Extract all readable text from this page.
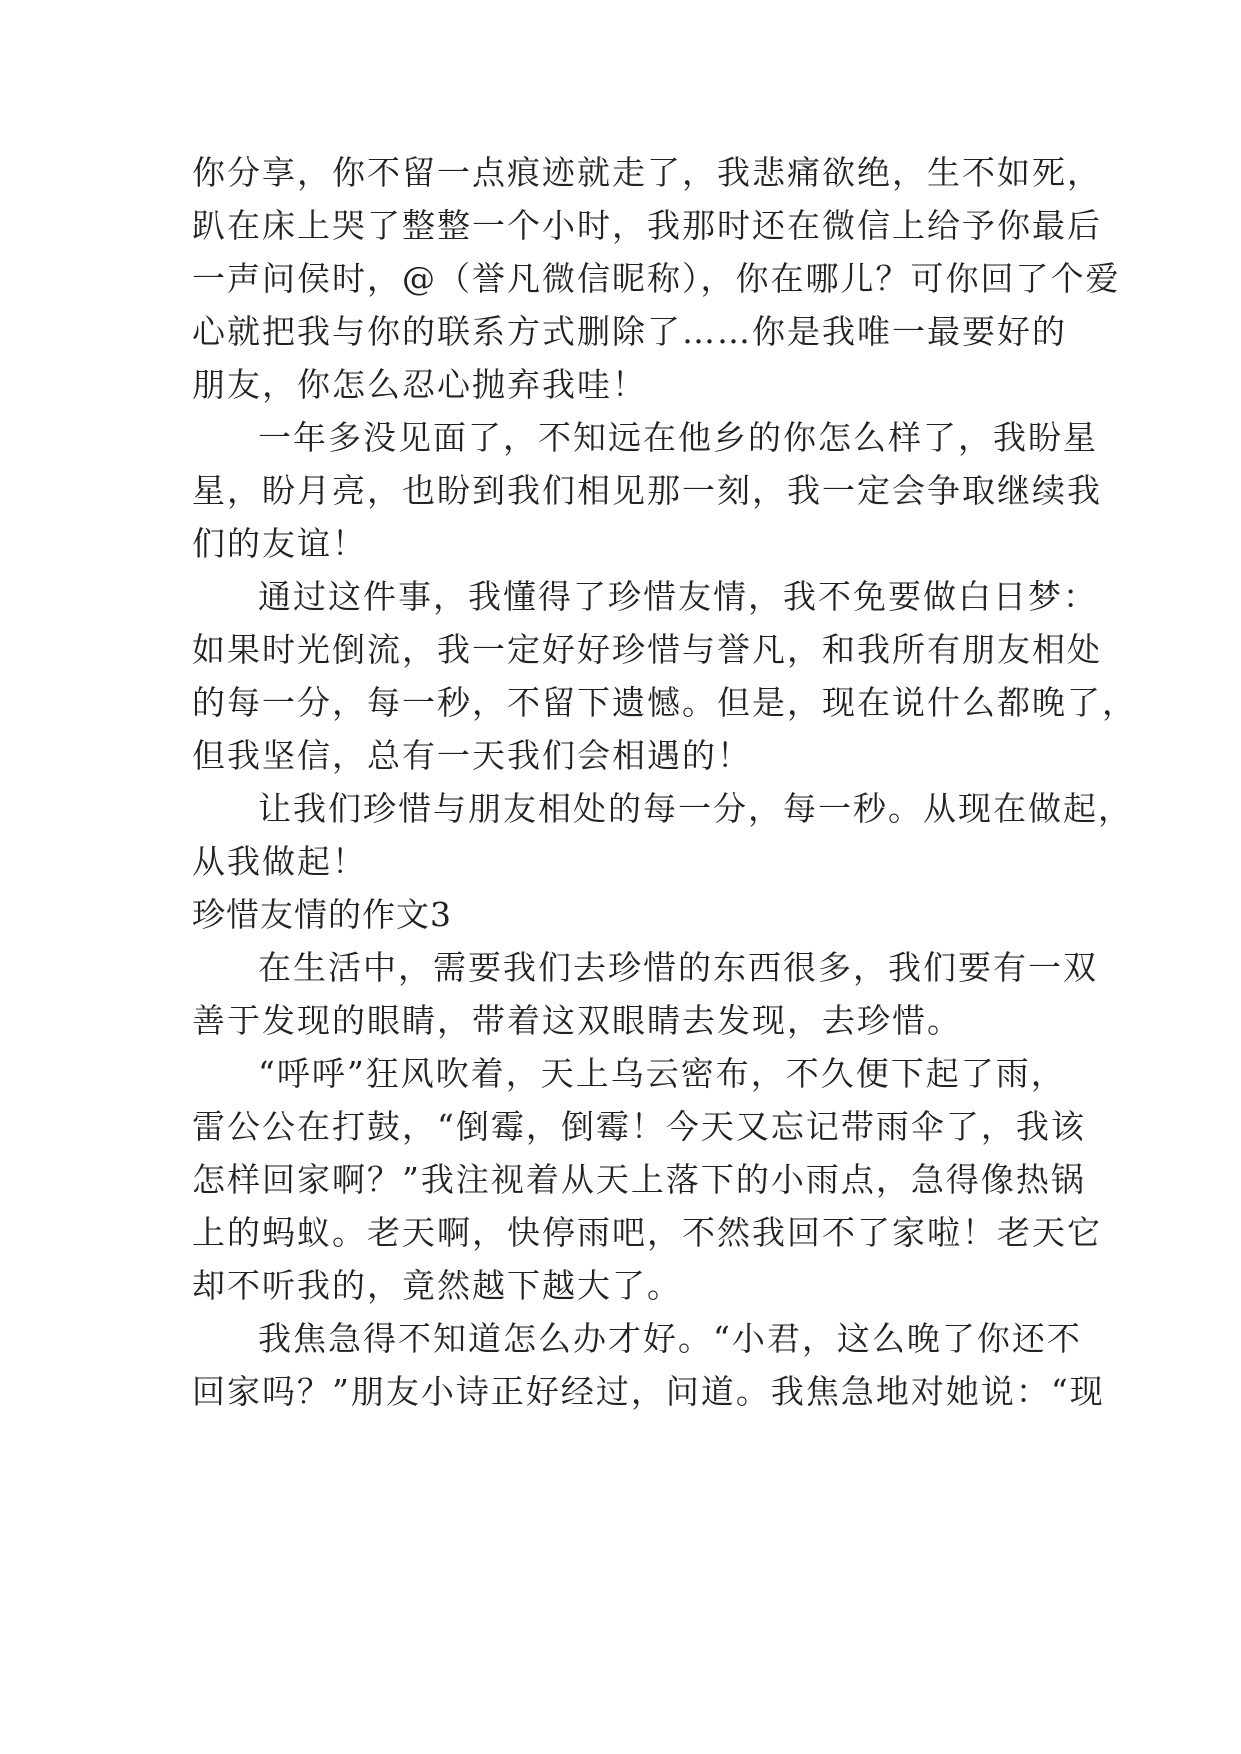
你分享，你不留一点痕迹就走了，我悲痛欲绝，生不如死，
趴在床上哭了整整一个小时，我那时还在微信上给予你最后
一声问侯时，@（誉凡微信昵称），你在哪儿？可你回了个爱
心就把我与你的联系方式删除了……你是我唯一最要好的
朋友，你怎么忍心抛弃我哇！
一年多没见面了，不知远在他乡的你怎么样了，我盼星
星，盼月亮，也盼到我们相见那一刻，我一定会争取继续我
们的友谊！
通过这件事，我懂得了珍惜友情，我不免要做白日梦：
如果时光倒流，我一定好好珍惜与誉凡，和我所有朋友相处
的每一分，每一秒，不留下遗憾。但是，现在说什么都晚了，
但我坚信，总有一天我们会相遇的！
让我们珍惜与朋友相处的每一分，每一秒。从现在做起，
从我做起！
珍惜友情的作文3
在生活中，需要我们去珍惜的东西很多，我们要有一双
善于发现的眼睛，带着这双眼睛去发现，去珍惜。
“呼呼”狂风吹着，天上乌云密布，不久便下起了雨，
雷公公在打鼓，“倒霉，倒霉！今天又忘记带雨伞了，我该
怎样回家啊？”我注视着从天上落下的小雨点，急得像热锅
上的蚂蚁。老天啊，快停雨吧，不然我回不了家啦！老天它
却不听我的，竟然越下越大了。
我焦急得不知道怎么办才好。“小君，这么晚了你还不
回家吗？”朋友小诗正好经过，问道。我焦急地对她说：“现
